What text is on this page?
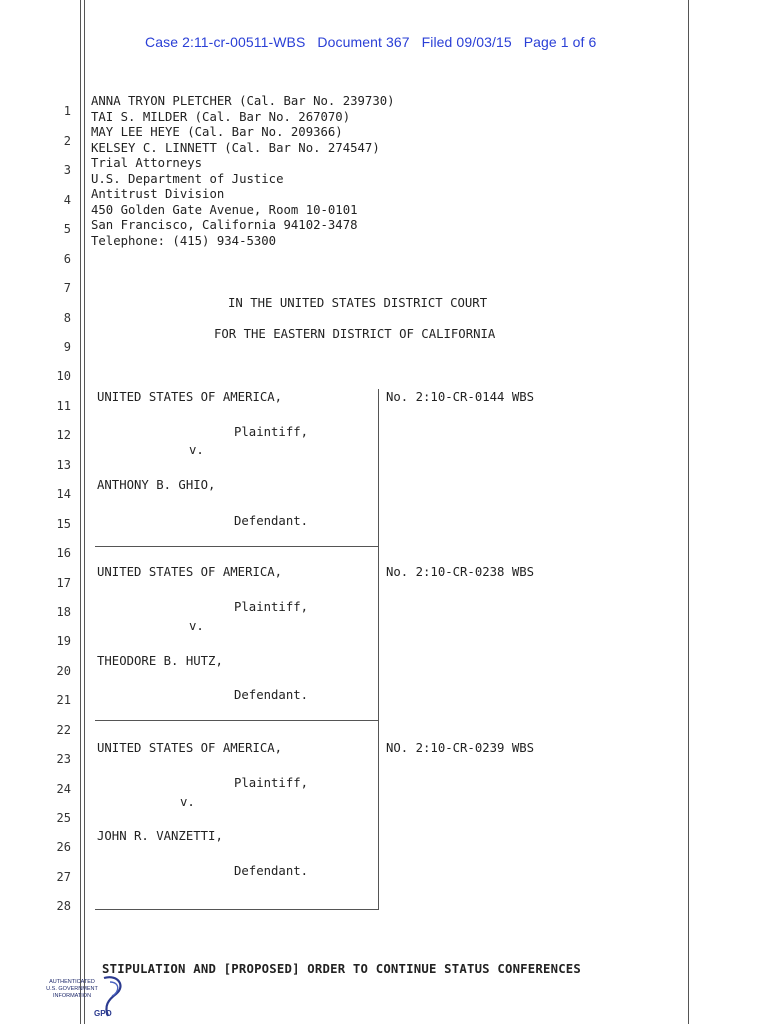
Case 2:11-cr-00511-WBS   Document 367   Filed 09/03/15   Page 1 of 6
1
2
3
4
5
6
7
8
9
10
11
12
13
14
15
16
17
18
19
20
21
22
23
24
25
26
27
28
ANNA TRYON PLETCHER (Cal. Bar No. 239730)
TAI S. MILDER (Cal. Bar No. 267070)
MAY LEE HEYE (Cal. Bar No. 209366)
KELSEY C. LINNETT (Cal. Bar No. 274547)
Trial Attorneys
U.S. Department of Justice
Antitrust Division
450 Golden Gate Avenue, Room 10-0101
San Francisco, California 94102-3478
Telephone: (415) 934-5300
IN THE UNITED STATES DISTRICT COURT
FOR THE EASTERN DISTRICT OF CALIFORNIA
UNITED STATES OF AMERICA,	No. 2:10-CR-0144 WBS
Plaintiff,
v.
ANTHONY B. GHIO,
Defendant.
UNITED STATES OF AMERICA,	No. 2:10-CR-0238 WBS
Plaintiff,
v.
THEODORE B. HUTZ,
Defendant.
UNITED STATES OF AMERICA,	NO. 2:10-CR-0239 WBS
Plaintiff,
v.
JOHN R. VANZETTI,
Defendant.
STIPULATION AND [PROPOSED] ORDER TO CONTINUE STATUS CONFERENCES
AUTHENTICATED
U.S. GOVERNMENT
INFORMATION
GPO
